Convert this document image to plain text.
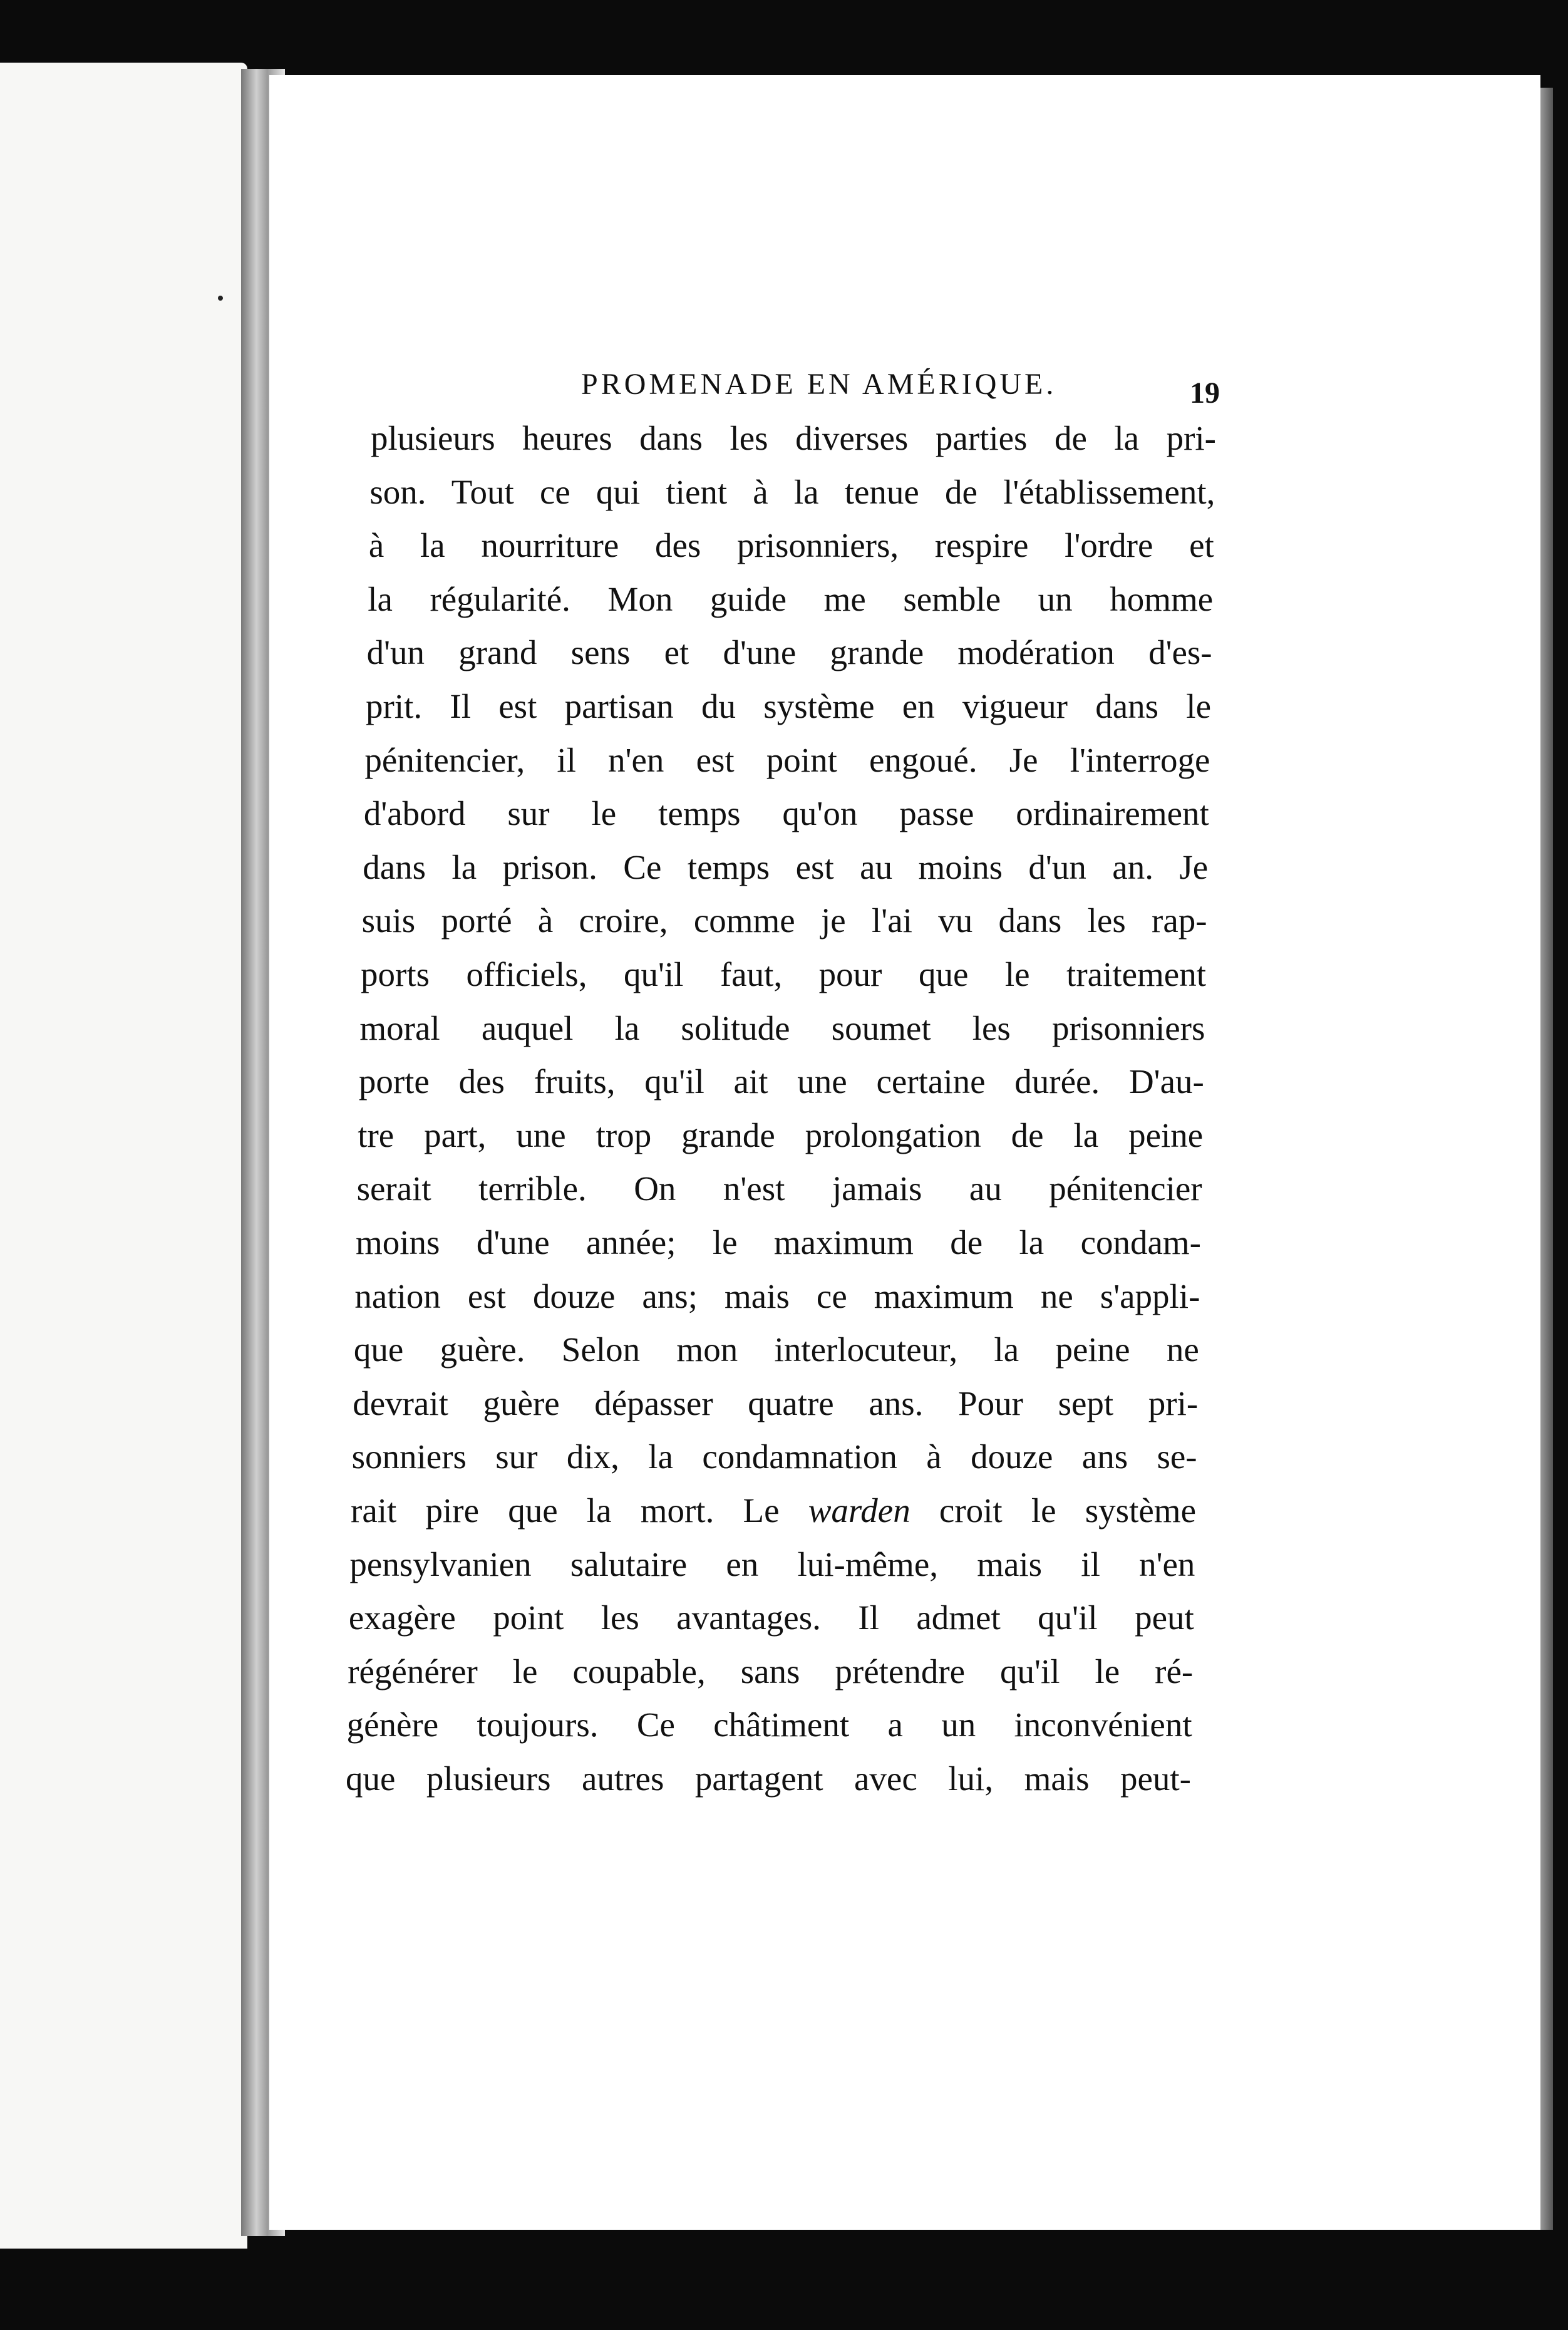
PROMENADE EN AMÉRIQUE.	19
plusieurs heures dans les diverses parties de la pri-
son. Tout ce qui tient à la tenue de l'établissement,
à la nourriture des prisonniers, respire l'ordre et
la régularité. Mon guide me semble un homme
d'un grand sens et d'une grande modération d'es-
prit. Il est partisan du système en vigueur dans le
pénitencier, il n'en est point engoué. Je l'interroge
d'abord sur le temps qu'on passe ordinairement
dans la prison. Ce temps est au moins d'un an. Je
suis porté à croire, comme je l'ai vu dans les rap-
ports officiels, qu'il faut, pour que le traitement
moral auquel la solitude soumet les prisonniers
porte des fruits, qu'il ait une certaine durée. D'au-
tre part, une trop grande prolongation de la peine
serait terrible. On n'est jamais au pénitencier
moins d'une année; le maximum de la condam-
nation est douze ans; mais ce maximum ne s'appli-
que guère. Selon mon interlocuteur, la peine ne
devrait guère dépasser quatre ans. Pour sept pri-
sonniers sur dix, la condamnation à douze ans se-
rait pire que la mort. Le warden croit le système
pensylvanien salutaire en lui-même, mais il n'en
exagère point les avantages. Il admet qu'il peut
régénérer le coupable, sans prétendre qu'il le ré-
génère toujours. Ce châtiment a un inconvénient
que plusieurs autres partagent avec lui, mais peut-
